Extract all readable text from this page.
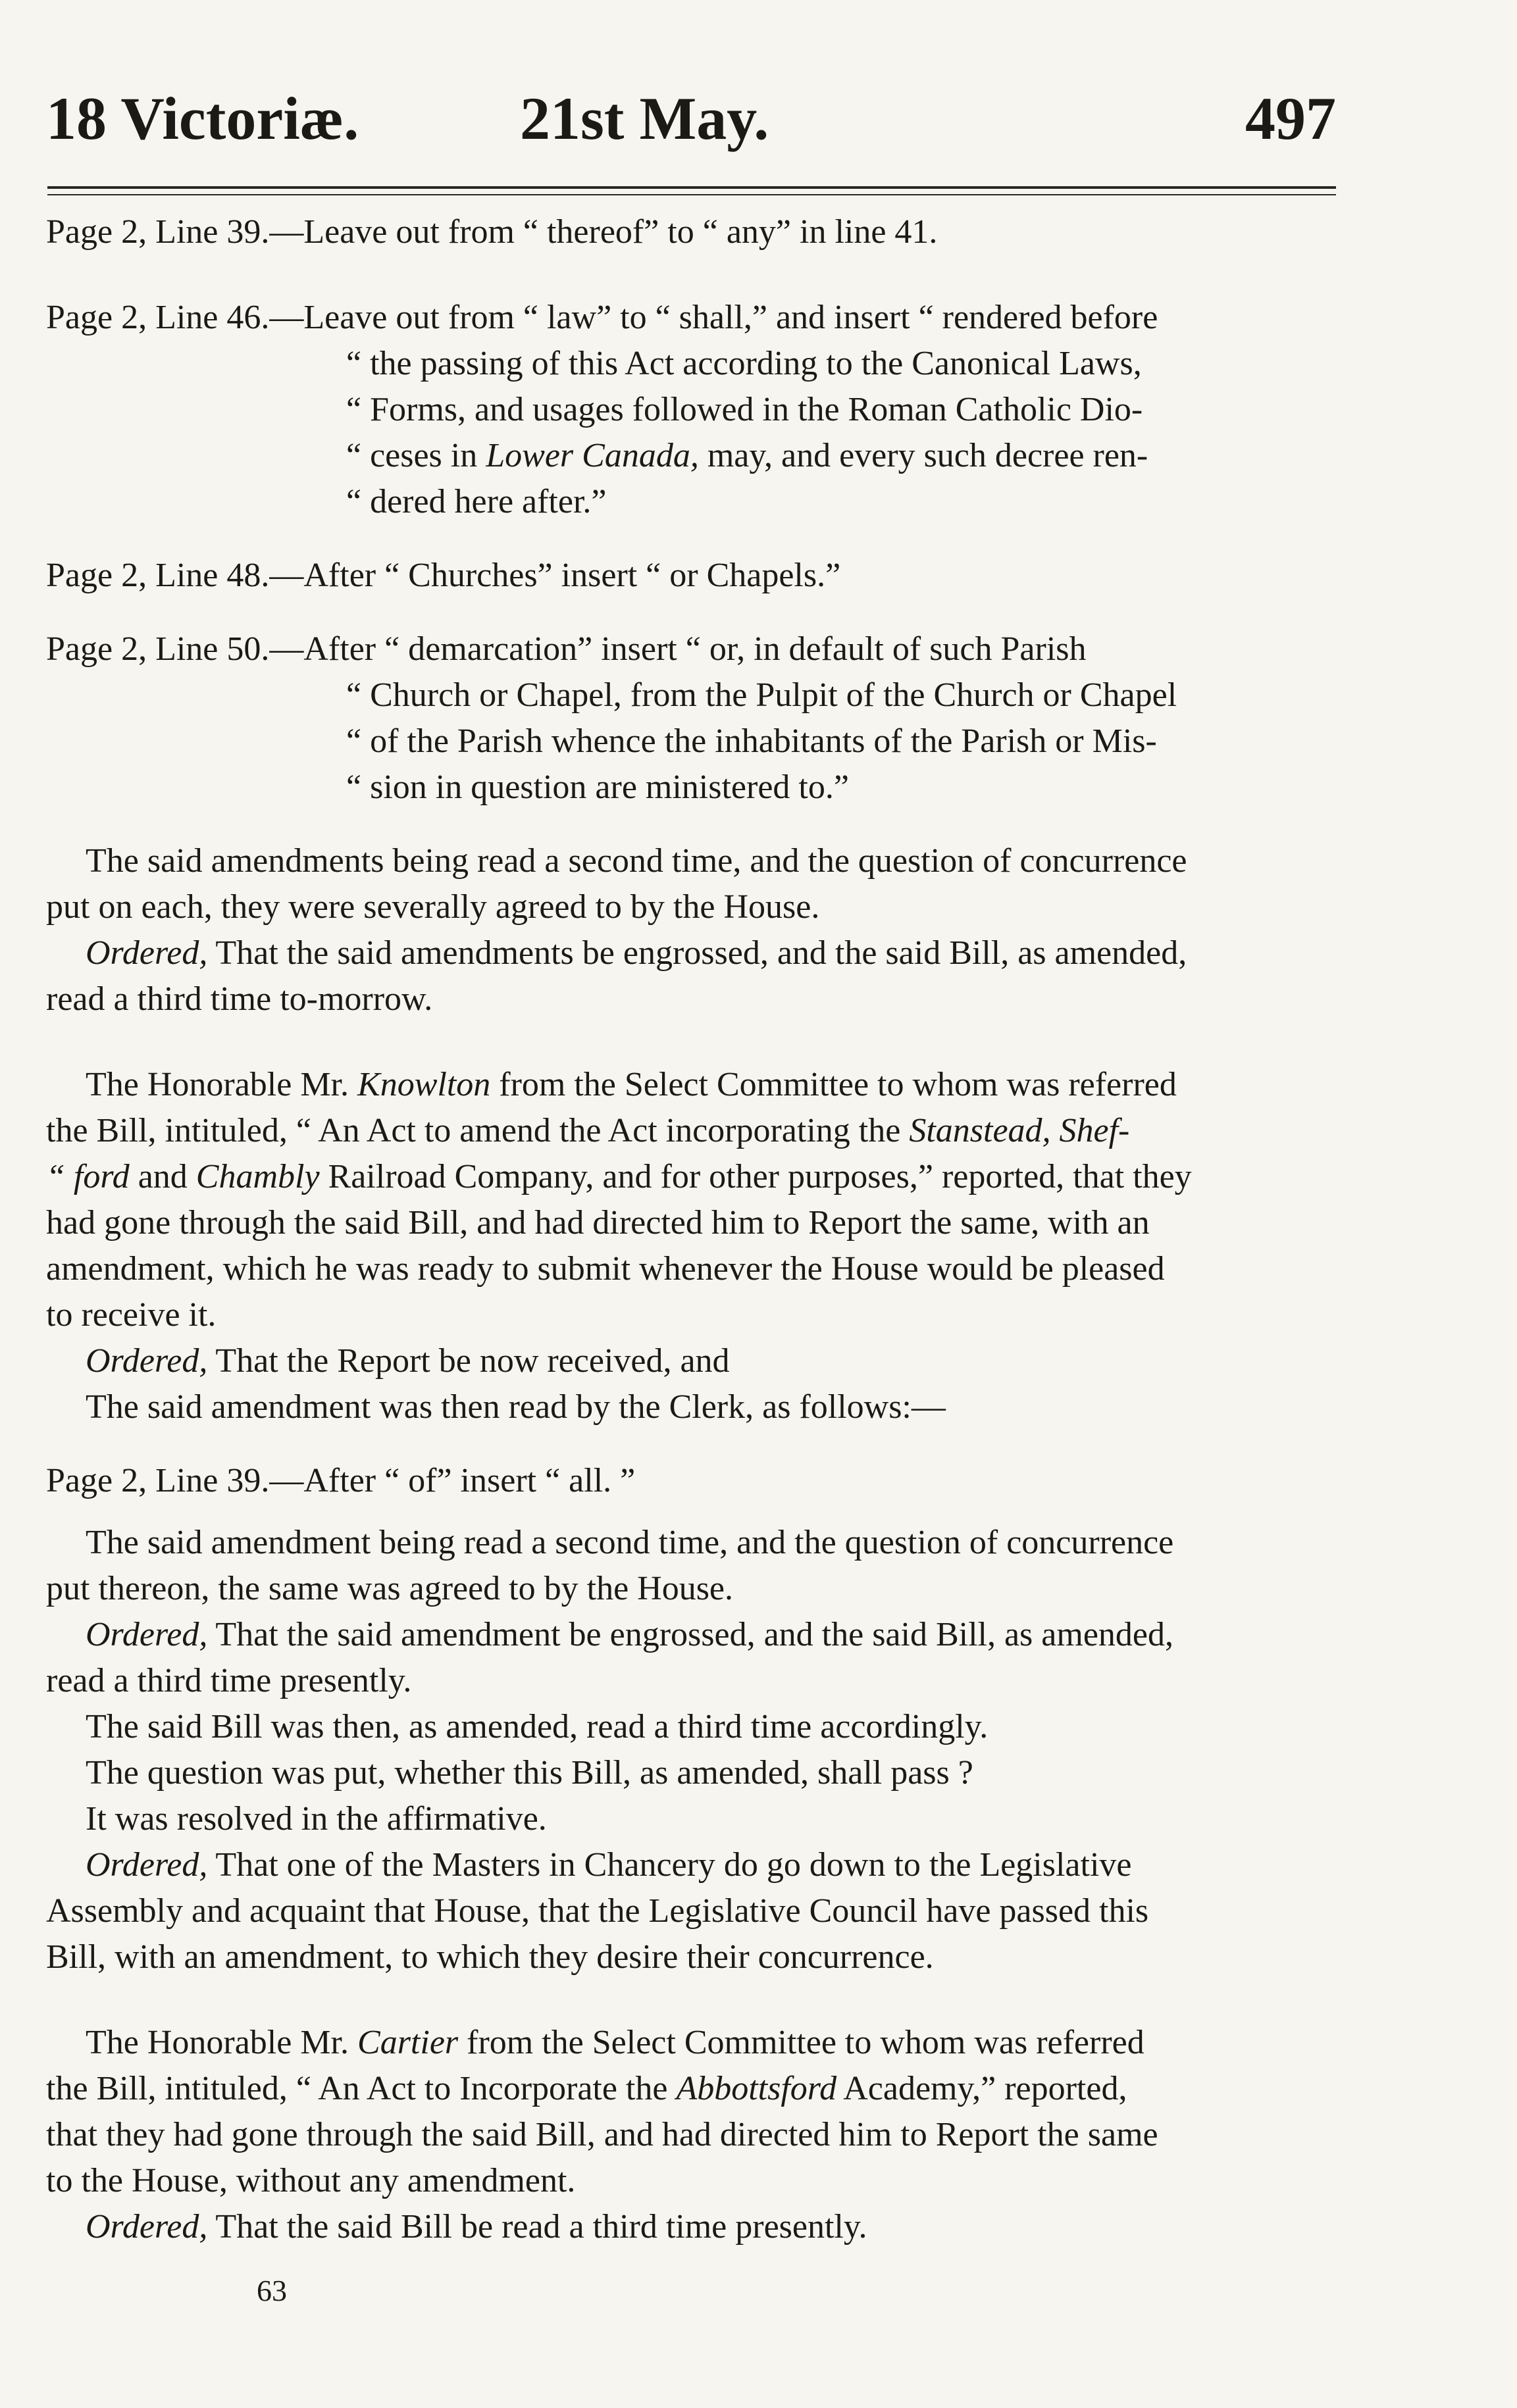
18 Victoriæ.	21st May.	497

Page 2, Line 39.—Leave out from “ thereof” to “ any” in line 41.

Page 2, Line 46.—Leave out from “ law” to “ shall,” and insert “ rendered before
“ the passing of this Act according to the Canonical Laws,
“ Forms, and usages followed in the Roman Catholic Dio-
“ ceses in Lower Canada, may, and every such decree ren-
“ dered here after.”

Page 2, Line 48.—After “ Churches” insert “ or Chapels.”

Page 2, Line 50.—After “ demarcation” insert “ or, in default of such Parish
“ Church or Chapel, from the Pulpit of the Church or Chapel
“ of the Parish whence the inhabitants of the Parish or Mis-
“ sion in question are ministered to.”

The said amendments being read a second time, and the question of concurrence
put on each, they were severally agreed to by the House.
Ordered, That the said amendments be engrossed, and the said Bill, as amended,
read a third time to-morrow.

The Honorable Mr. Knowlton from the Select Committee to whom was referred
the Bill, intituled, “ An Act to amend the Act incorporating the Stanstead, Shef-
“ ford and Chambly Railroad Company, and for other purposes,” reported, that they
had gone through the said Bill, and had directed him to Report the same, with an
amendment, which he was ready to submit whenever the House would be pleased
to receive it.
Ordered, That the Report be now received, and
The said amendment was then read by the Clerk, as follows:—

Page 2, Line 39.—After “ of” insert “ all. ”

The said amendment being read a second time, and the question of concurrence
put thereon, the same was agreed to by the House.
Ordered, That the said amendment be engrossed, and the said Bill, as amended,
read a third time presently.
The said Bill was then, as amended, read a third time accordingly.
The question was put, whether this Bill, as amended, shall pass ?
It was resolved in the affirmative.
Ordered, That one of the Masters in Chancery do go down to the Legislative
Assembly and acquaint that House, that the Legislative Council have passed this
Bill, with an amendment, to which they desire their concurrence.

The Honorable Mr. Cartier from the Select Committee to whom was referred
the Bill, intituled, “ An Act to Incorporate the Abbottsford Academy,” reported,
that they had gone through the said Bill, and had directed him to Report the same
to the House, without any amendment.
Ordered, That the said Bill be read a third time presently.

63
